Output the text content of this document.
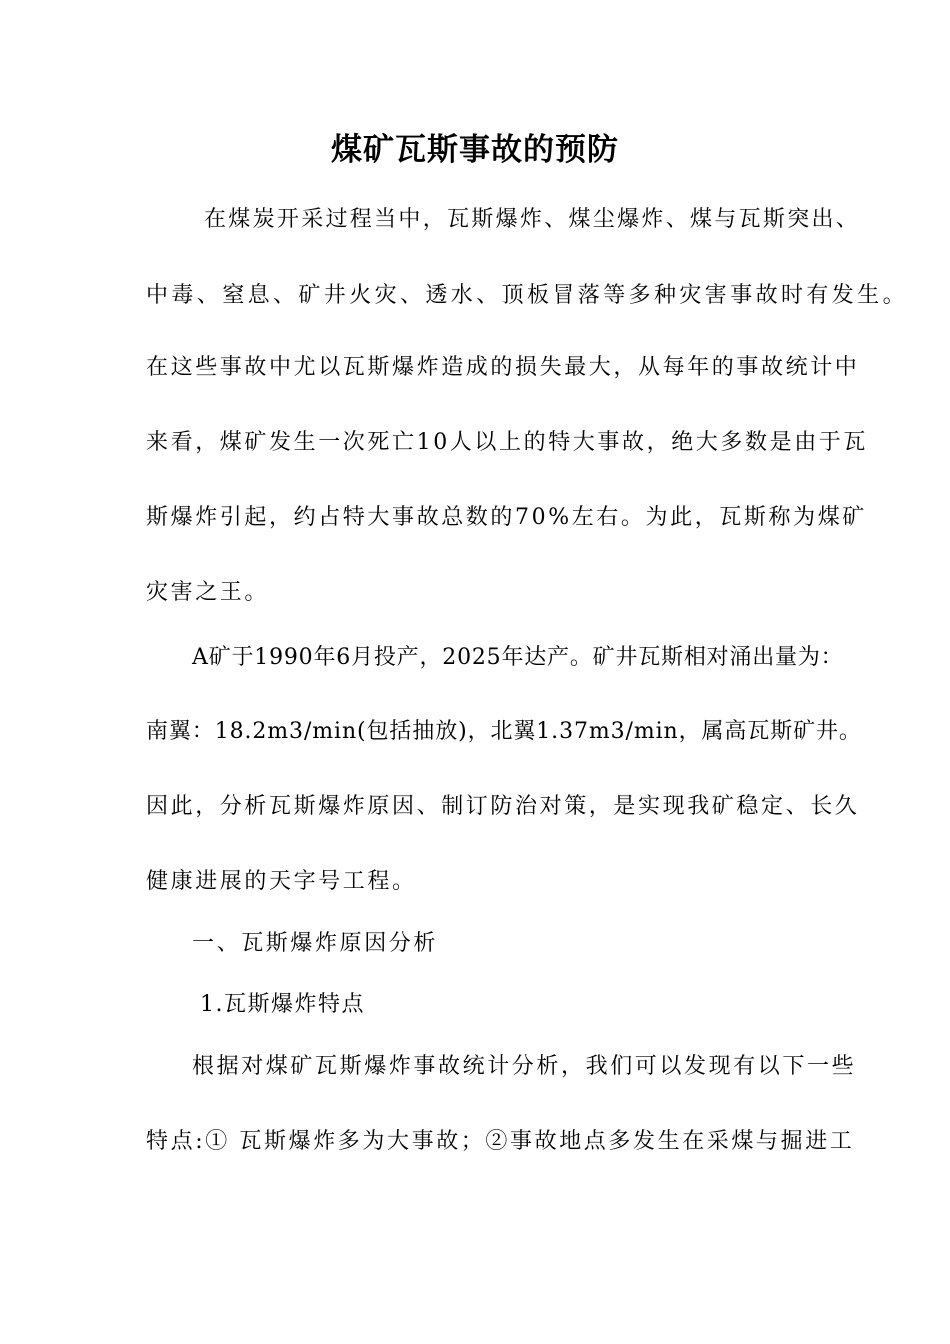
煤矿瓦斯事故的预防
在煤炭开采过程当中，瓦斯爆炸、煤尘爆炸、煤与瓦斯突出、
中毒、窒息、矿井火灾、透水、顶板冒落等多种灾害事故时有发生。
在这些事故中尤以瓦斯爆炸造成的损失最大，从每年的事故统计中
来看，煤矿发生一次死亡10人以上的特大事故，绝大多数是由于瓦
斯爆炸引起，约占特大事故总数的70%左右。为此，瓦斯称为煤矿
灾害之王。
A矿于1990年6月投产，2025年达产。矿井瓦斯相对涌出量为：
南翼：18.2m3/min(包括抽放)，北翼1.37m3/min，属高瓦斯矿井。
因此，分析瓦斯爆炸原因、制订防治对策，是实现我矿稳定、长久
健康进展的天字号工程。
一、瓦斯爆炸原因分析
1.瓦斯爆炸特点
根据对煤矿瓦斯爆炸事故统计分析，我们可以发现有以下一些
特点:① 瓦斯爆炸多为大事故；②事故地点多发生在采煤与掘进工
